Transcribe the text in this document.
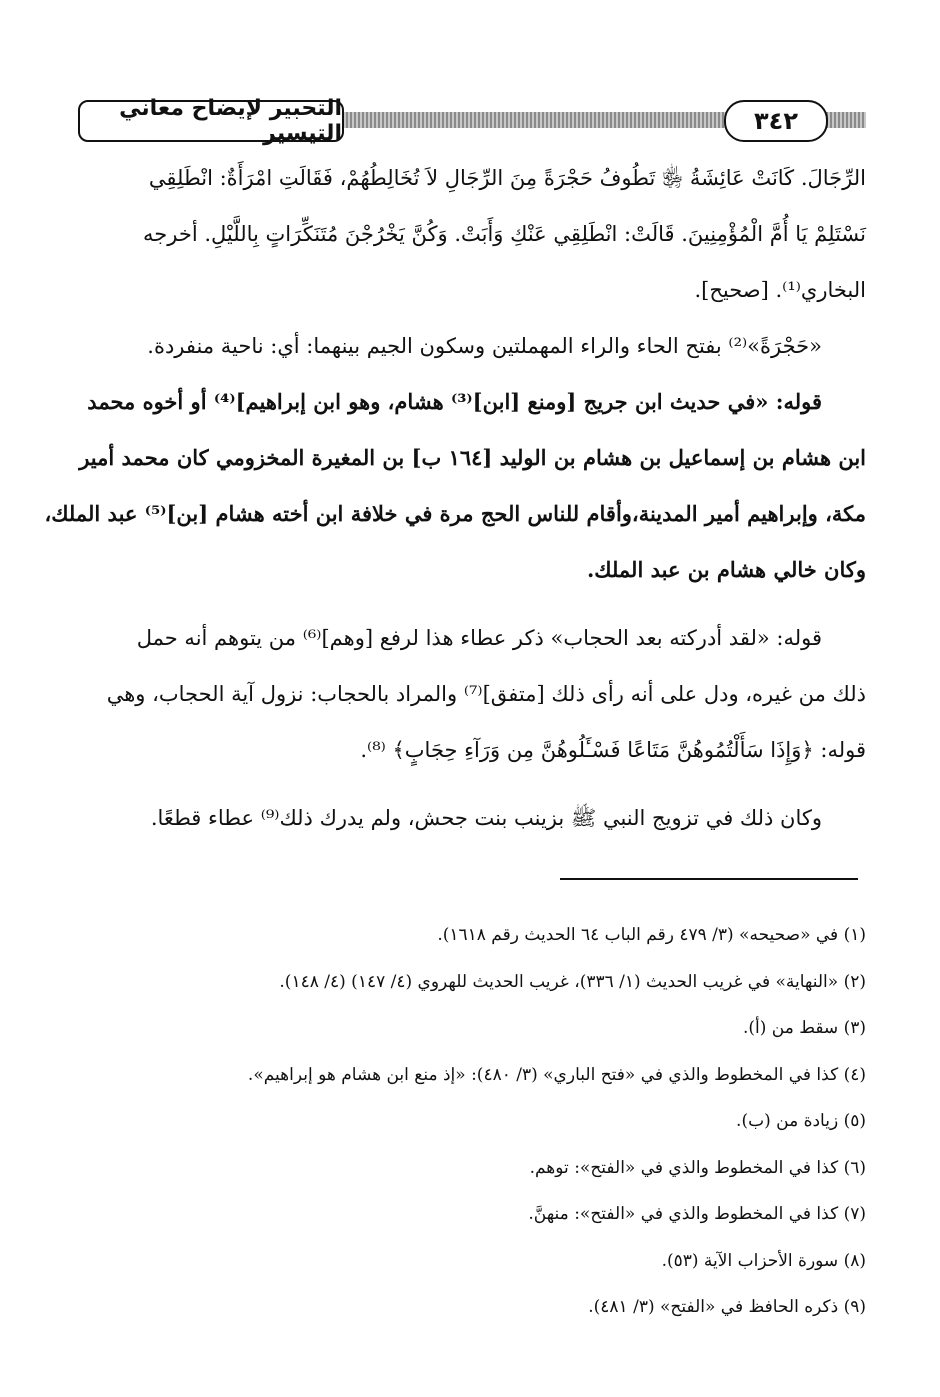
التحبير لإيضاح معاني التيسير	٣٤٢
الرِّجَالَ. كَانَتْ عَائِشَةُ ﵂ تَطُوفُ حَجْرَةً مِنَ الرِّجَالِ لاَ تُخَالِطُهُمْ، فَقَالَتِ امْرَأَةٌ: انْطَلِقِي
نَسْتَلِمْ يَا أُمَّ الْمُؤْمِنِينَ. قَالَتْ: انْطَلِقِي عَنْكِ وَأَبَتْ. وَكُنَّ يَخْرُجْنَ مُتَنَكِّرَاتٍ بِاللَّيْلِ. أخرجه
البخاري⁽¹⁾. [صحيح].
«حَجْرَةً»⁽²⁾ بفتح الحاء والراء المهملتين وسكون الجيم بينهما: أي: ناحية منفردة.
قوله: «في حديث ابن جريج [ومنع [ابن]⁽³⁾ هشام، وهو ابن إبراهيم]⁽⁴⁾ أو أخوه محمد
ابن هشام بن إسماعيل بن هشام بن الوليد [١٦٤ ب] بن المغيرة المخزومي كان محمد أمير
مكة، وإبراهيم أمير المدينة،وأقام للناس الحج مرة في خلافة ابن أخته هشام [بن]⁽⁵⁾ عبد الملك،
وكان خالي هشام بن عبد الملك.
قوله: «لقد أدركته بعد الحجاب» ذكر عطاء هذا لرفع [وهم]⁽⁶⁾ من يتوهم أنه حمل
ذلك من غيره، ودل على أنه رأى ذلك [متفق]⁽⁷⁾ والمراد بالحجاب: نزول آية الحجاب، وهي
قوله: ﴿وَإِذَا سَأَلْتُمُوهُنَّ مَتَاعًا فَسْـَٔلُوهُنَّ مِن وَرَآءِ حِجَابٍ﴾ ⁽⁸⁾.
وكان ذلك في تزويج النبي ﷺ بزينب بنت جحش، ولم يدرك ذلك⁽⁹⁾ عطاء قطعًا.
(١) في «صحيحه» (٣/ ٤٧٩ رقم الباب ٦٤ الحديث رقم ١٦١٨).
(٢) «النهاية» في غريب الحديث (١/ ٣٣٦)، غريب الحديث للهروي (٤/ ١٤٧) (٤/ ١٤٨).
(٣) سقط من (أ).
(٤) كذا في المخطوط والذي في «فتح الباري» (٣/ ٤٨٠): «إذ منع ابن هشام هو إبراهيم».
(٥) زيادة من (ب).
(٦) كذا في المخطوط والذي في «الفتح»: توهم.
(٧) كذا في المخطوط والذي في «الفتح»: منهنَّ.
(٨) سورة الأحزاب الآية (٥٣).
(٩) ذكره الحافظ في «الفتح» (٣/ ٤٨١).
